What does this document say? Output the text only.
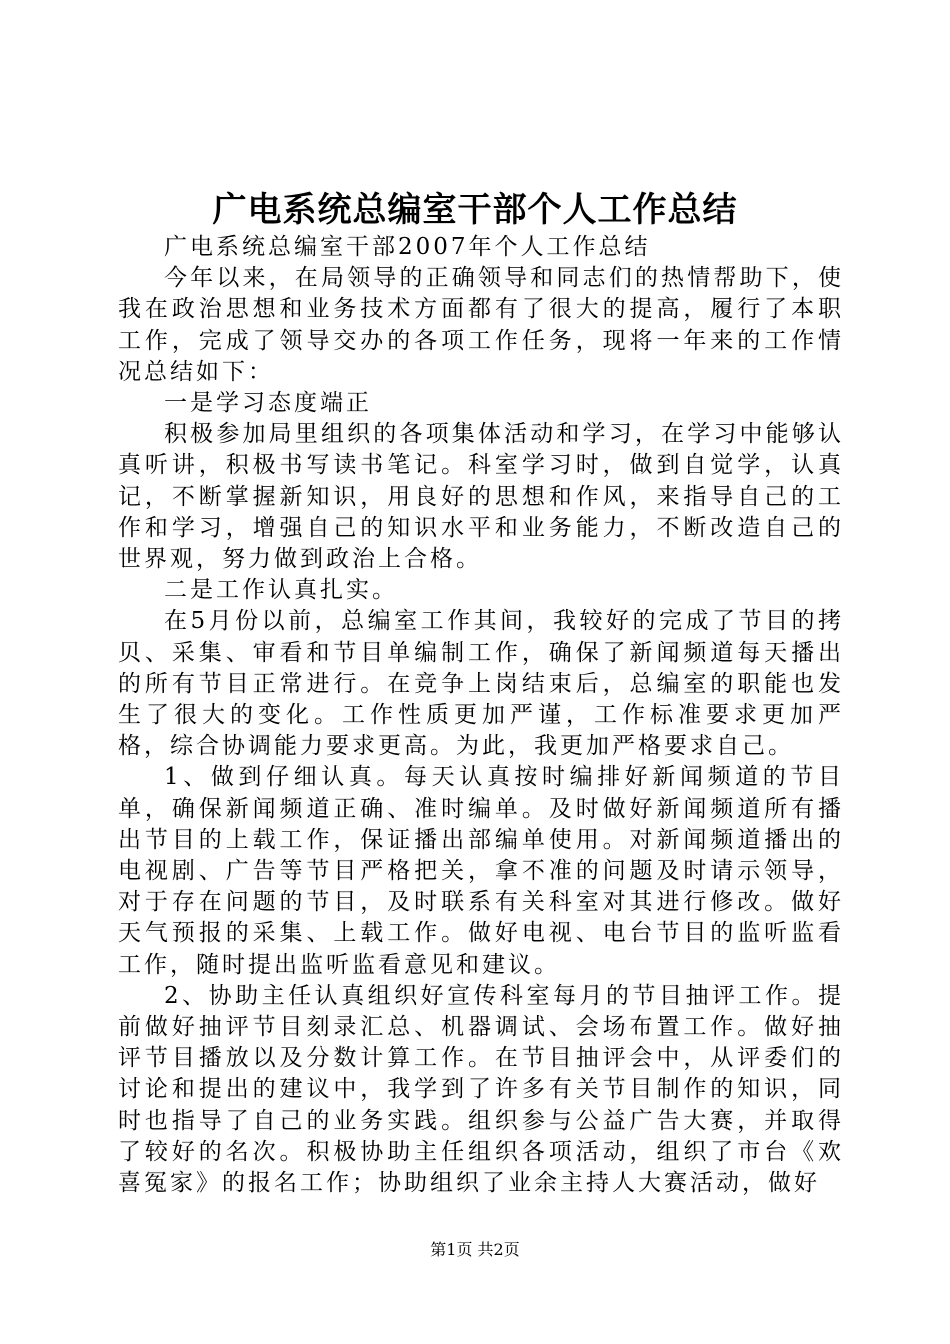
广电系统总编室干部个人工作总结

广电系统总编室干部2007年个人工作总结

今年以来，在局领导的正确领导和同志们的热情帮助下，使我在政治思想和业务技术方面都有了很大的提高，履行了本职工作，完成了领导交办的各项工作任务，现将一年来的工作情况总结如下：

一是学习态度端正

积极参加局里组织的各项集体活动和学习，在学习中能够认真听讲，积极书写读书笔记。科室学习时，做到自觉学，认真记，不断掌握新知识，用良好的思想和作风，来指导自己的工作和学习，增强自己的知识水平和业务能力，不断改造自己的世界观，努力做到政治上合格。

二是工作认真扎实。

在5月份以前，总编室工作其间，我较好的完成了节目的拷贝、采集、审看和节目单编制工作，确保了新闻频道每天播出的所有节目正常进行。在竞争上岗结束后，总编室的职能也发生了很大的变化。工作性质更加严谨，工作标准要求更加严格，综合协调能力要求更高。为此，我更加严格要求自己。

1、做到仔细认真。每天认真按时编排好新闻频道的节目单，确保新闻频道正确、准时编单。及时做好新闻频道所有播出节目的上载工作，保证播出部编单使用。对新闻频道播出的电视剧、广告等节目严格把关，拿不准的问题及时请示领导，对于存在问题的节目，及时联系有关科室对其进行修改。做好天气预报的采集、上载工作。做好电视、电台节目的监听监看工作，随时提出监听监看意见和建议。

2、协助主任认真组织好宣传科室每月的节目抽评工作。提前做好抽评节目刻录汇总、机器调试、会场布置工作。做好抽评节目播放以及分数计算工作。在节目抽评会中，从评委们的讨论和提出的建议中，我学到了许多有关节目制作的知识，同时也指导了自己的业务实践。组织参与公益广告大赛，并取得了较好的名次。积极协助主任组织各项活动，组织了市台《欢喜冤家》的报名工作；协助组织了业余主持人大赛活动，做好

第1页 共2页
